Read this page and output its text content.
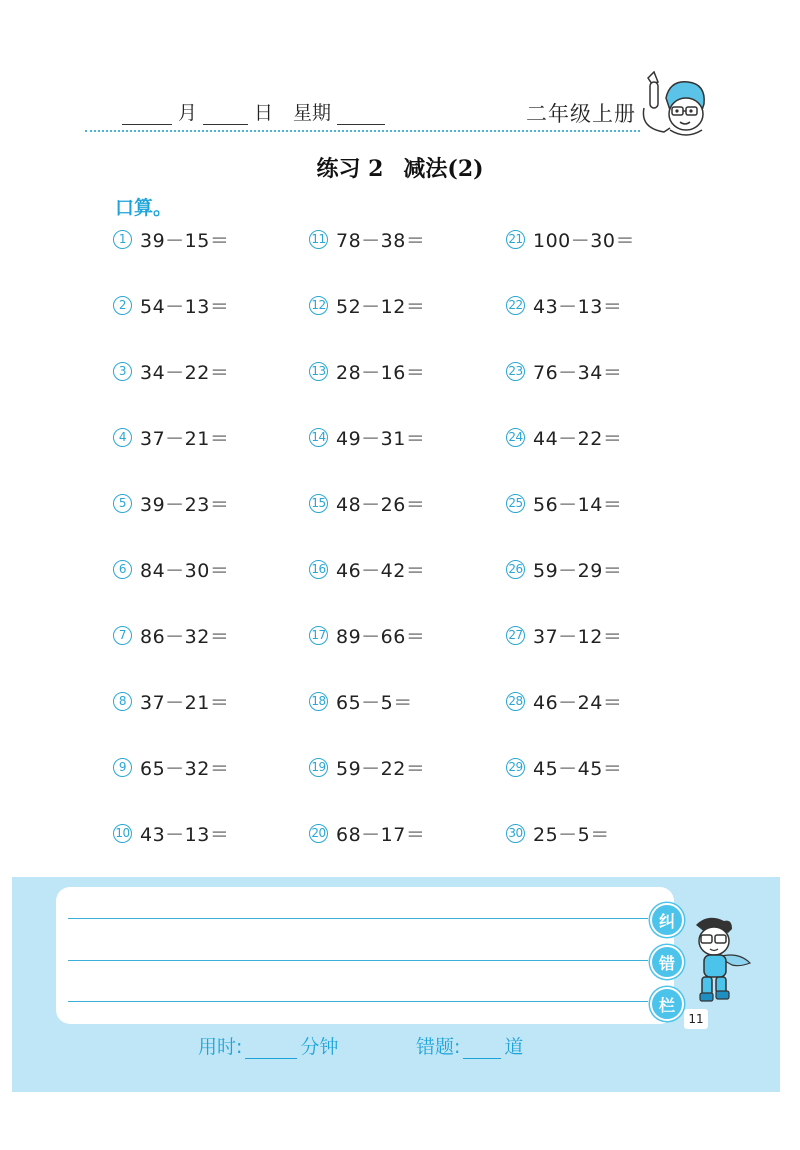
月	日 星期	二年级上册
练习 2 减法(2)
口算。
1 39－15＝
2 54－13＝
3 34－22＝
4 37－21＝
5 39－23＝
6 84－30＝
7 86－32＝
8 37－21＝
9 65－32＝
10 43－13＝
11 78－38＝
12 52－12＝
13 28－16＝
14 49－31＝
15 48－26＝
16 46－42＝
17 89－66＝
18 65－5＝
19 59－22＝
20 68－17＝
21 100－30＝
22 43－13＝
23 76－34＝
24 44－22＝
25 56－14＝
26 59－29＝
27 37－12＝
28 46－24＝
29 45－45＝
30 25－5＝
纠
错
栏
11
用时:	分钟	错题: 道
